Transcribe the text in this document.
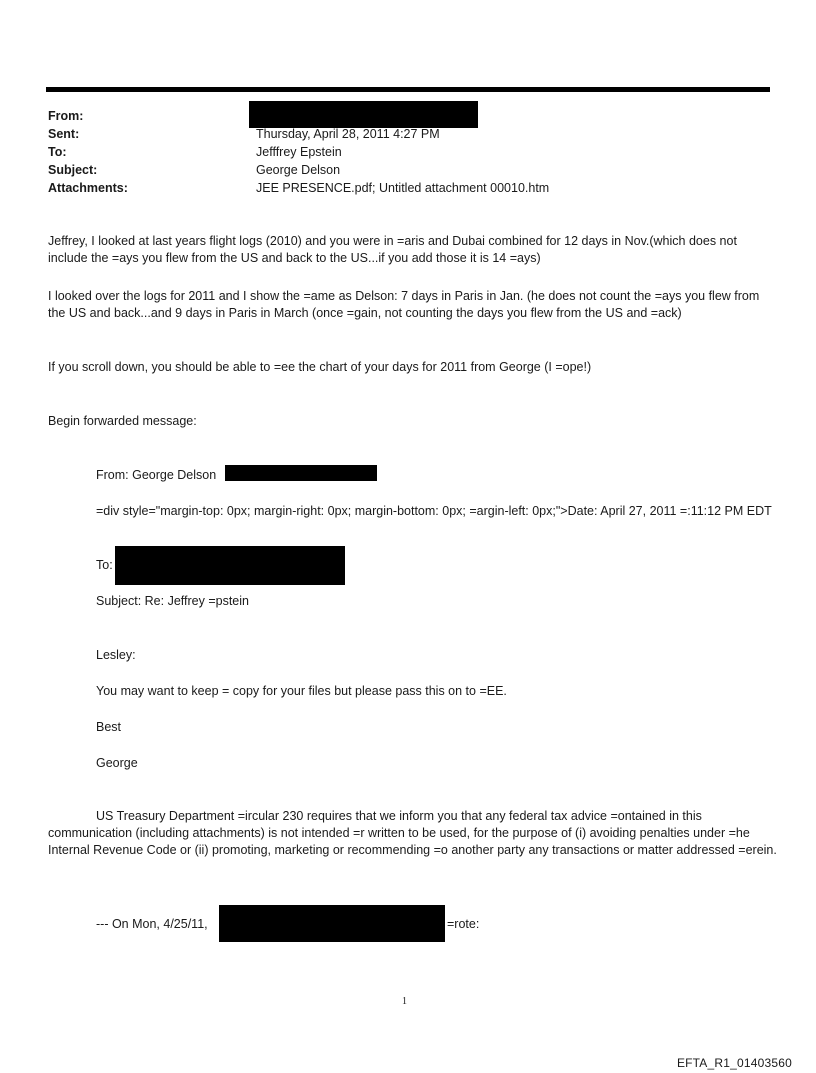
From:
Sent:	Thursday, April 28, 2011 4:27 PM
To:	Jefffrey Epstein
Subject:	George Delson
Attachments:	JEE PRESENCE.pdf; Untitled attachment 00010.htm
Jeffrey, I looked at last years flight logs (2010) and you were in =aris and Dubai combined for 12 days in Nov.(which does not include the =ays you flew from the US and back to the US...if you add those it is 14 =ays)
I looked over the logs for 2011 and I show the =ame as Delson: 7 days in Paris in Jan. (he does not count the =ays you flew from the US and back...and 9 days in Paris in March (once =gain, not counting the days you flew from the US and =ack)
If you scroll down, you should be able to =ee the chart of your days for 2011 from George (I =ope!)
Begin forwarded message:
From: George Delson
=div style="margin-top: 0px; margin-right: 0px; margin-bottom: 0px; =argin-left: 0px;">Date: April 27, 2011 =:11:12 PM EDT
To:
Subject: Re: Jeffrey =pstein
Lesley:
You may want to keep = copy for your files but please pass this on to =EE.
Best
George
US Treasury Department =ircular 230 requires that we inform you that any federal tax advice =ontained in this communication (including attachments) is not intended =r written to be used, for the purpose of (i) avoiding penalties under =he Internal Revenue Code or (ii) promoting, marketing or recommending =o another party any transactions or matter addressed =erein.
--- On Mon, 4/25/11,	=rote:
1
EFTA_R1_01403560
